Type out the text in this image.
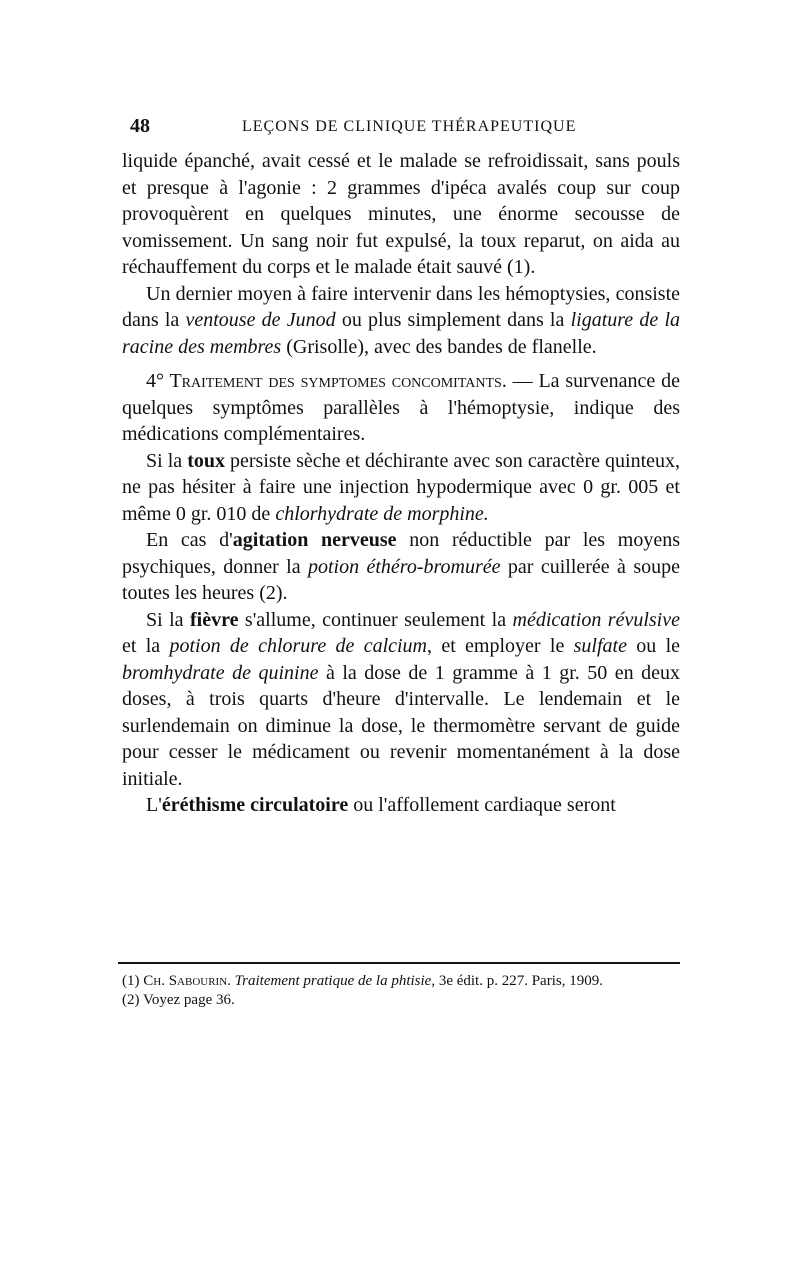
48	LEÇONS DE CLINIQUE THÉRAPEUTIQUE

liquide épanché, avait cessé et le malade se refroidissait, sans pouls et presque à l'agonie : 2 grammes d'ipéca avalés coup sur coup provoquèrent en quelques minutes, une énorme secousse de vomissement. Un sang noir fut expulsé, la toux reparut, on aida au réchauffement du corps et le malade était sauvé (1).

Un dernier moyen à faire intervenir dans les hémoptysies, consiste dans la ventouse de Junod ou plus simplement dans la ligature de la racine des membres (Grisolle), avec des bandes de flanelle.

4° Traitement des symptomes concomitants. — La survenance de quelques symptômes parallèles à l'hémoptysie, indique des médications complémentaires.

Si la toux persiste sèche et déchirante avec son caractère quinteux, ne pas hésiter à faire une injection hypodermique avec 0 gr. 005 et même 0 gr. 010 de chlorhydrate de morphine.

En cas d'agitation nerveuse non réductible par les moyens psychiques, donner la potion éthéro-bromurée par cuillerée à soupe toutes les heures (2).

Si la fièvre s'allume, continuer seulement la médication révulsive et la potion de chlorure de calcium, et employer le sulfate ou le bromhydrate de quinine à la dose de 1 gramme à 1 gr. 50 en deux doses, à trois quarts d'heure d'intervalle. Le lendemain et le surlendemain on diminue la dose, le thermomètre servant de guide pour cesser le médicament ou revenir momentanément à la dose initiale.

L'éréthisme circulatoire ou l'affollement cardiaque seront

(1) Ch. Sabourin. Traitement pratique de la phtisie, 3e édit. p. 227. Paris, 1909.

(2) Voyez page 36.
